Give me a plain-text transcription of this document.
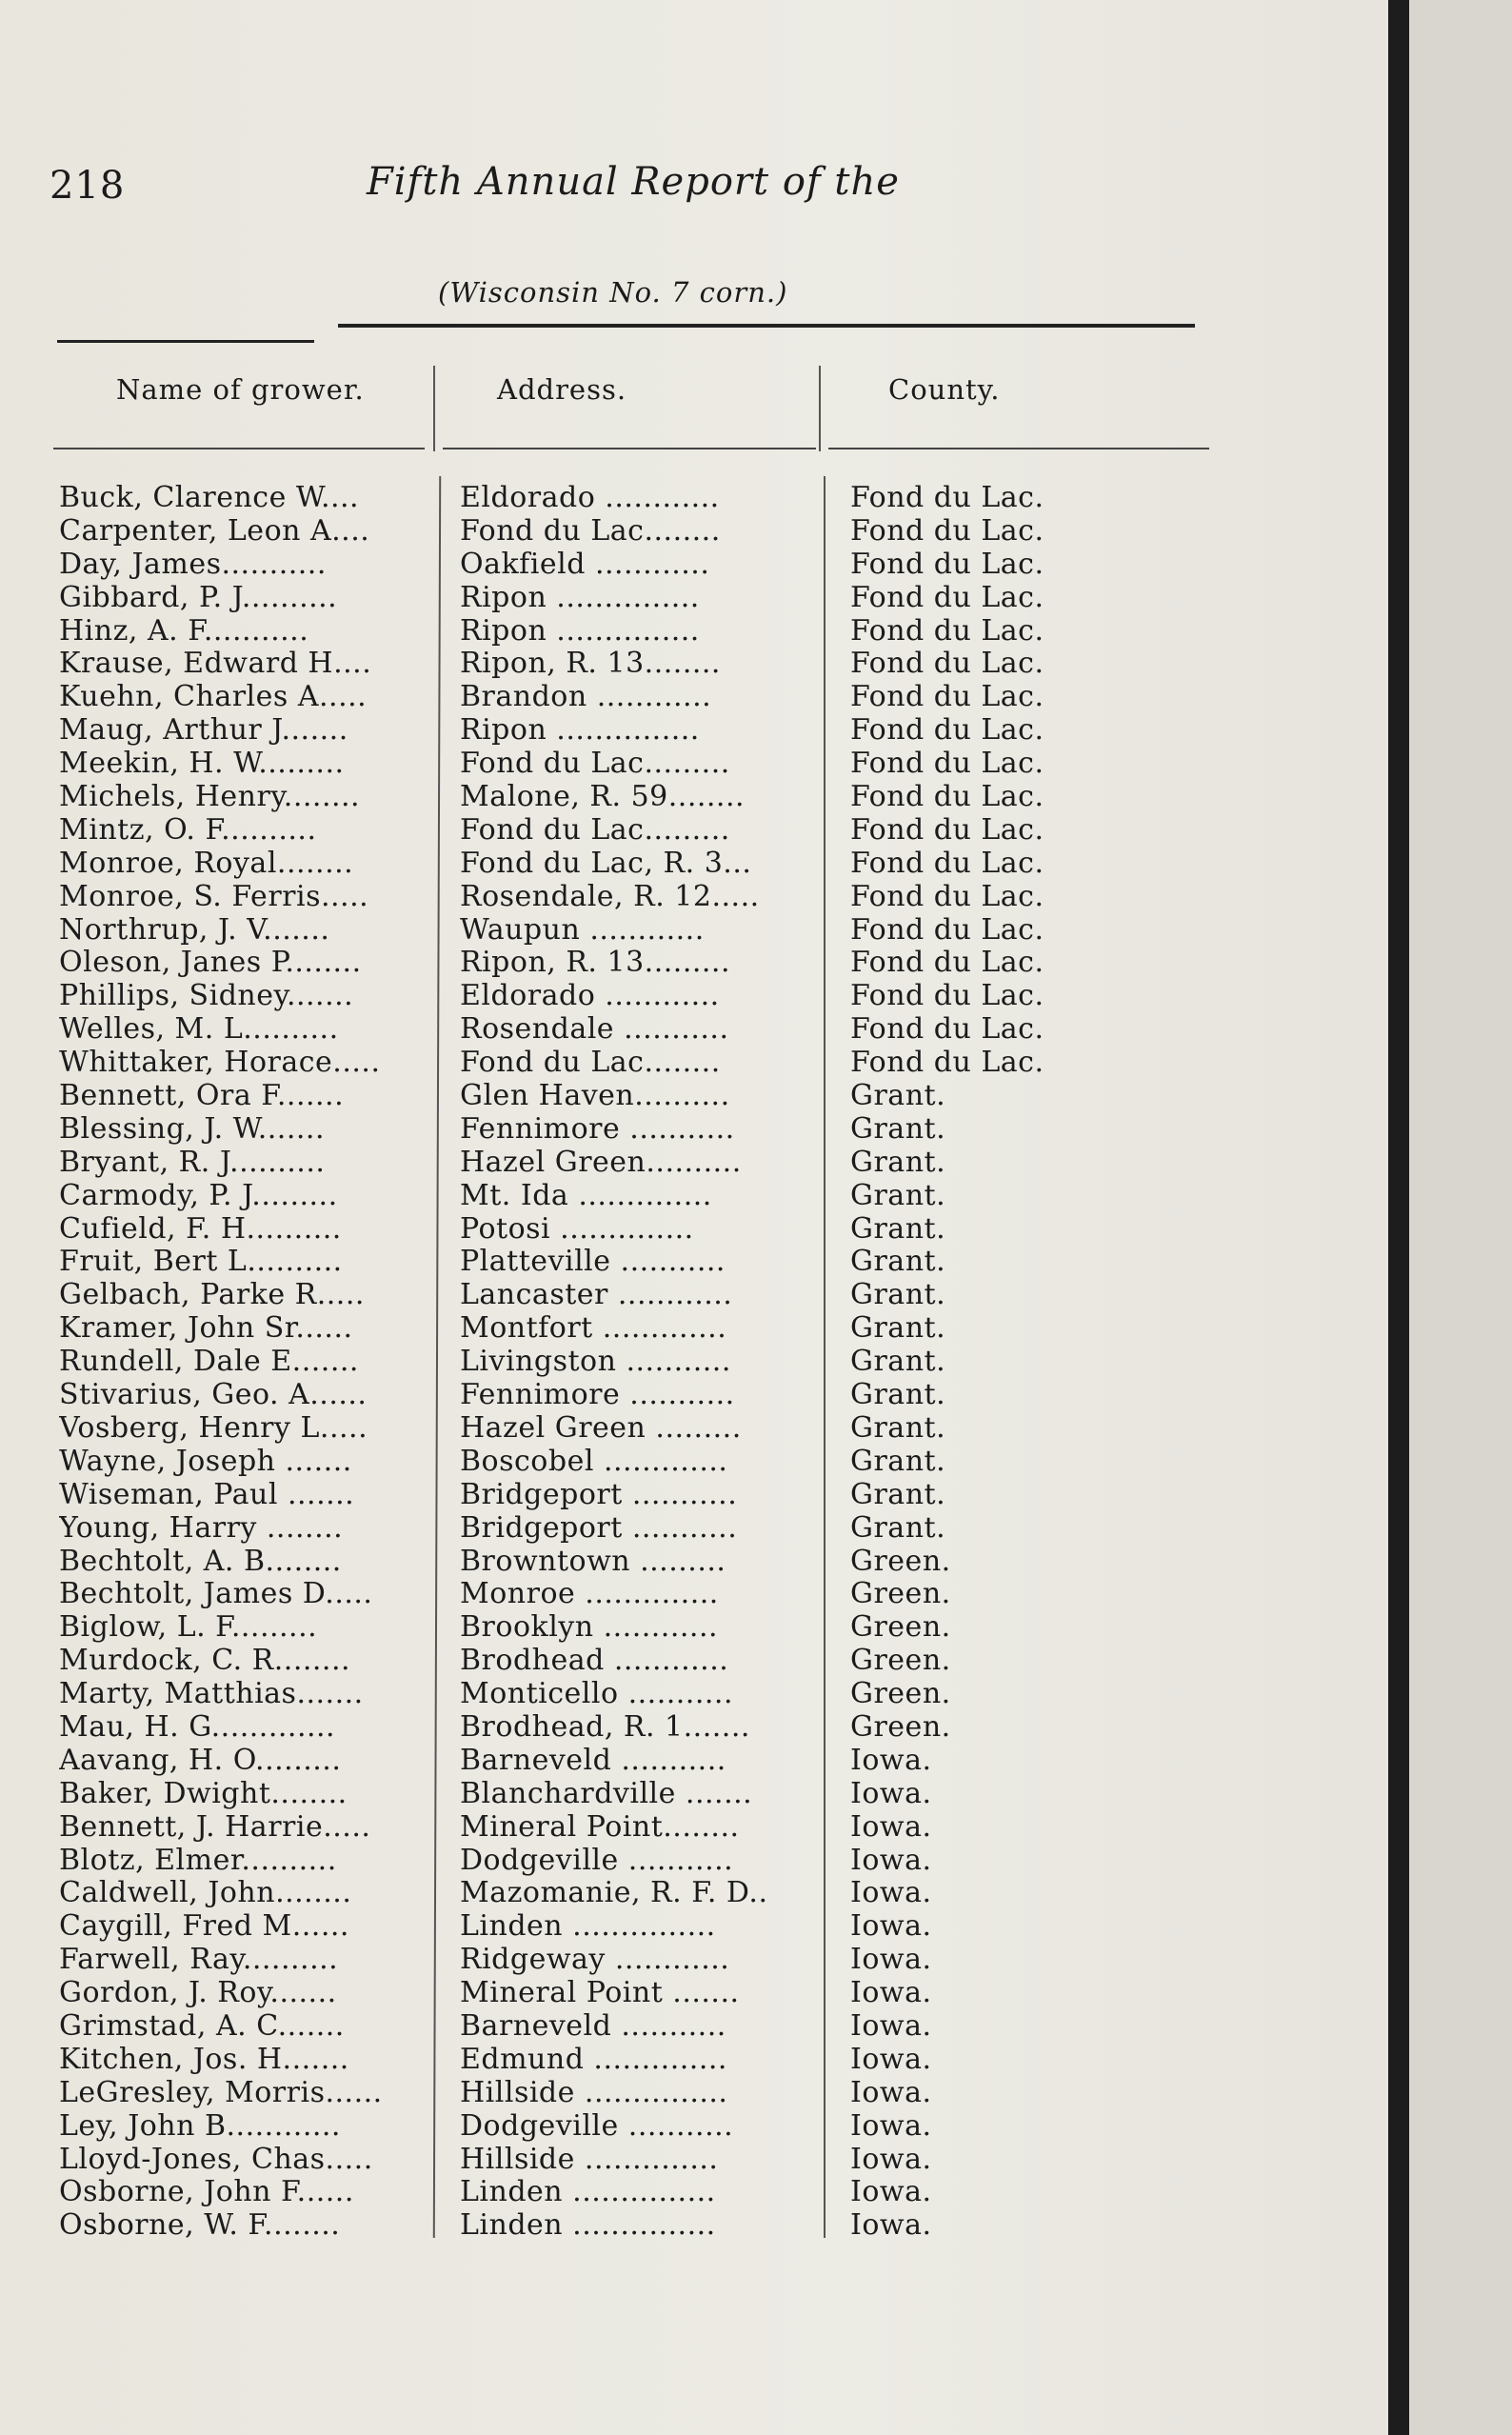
218	Fifth Annual Report of the
(Wisconsin No. 7 corn.)
Name of grower.	Address.	County.
Buck, Clarence W....	Eldorado ............	Fond du Lac.
Carpenter, Leon A....	Fond du Lac........	Fond du Lac.
Day, James...........	Oakfield ............	Fond du Lac.
Gibbard, P. J..........	Ripon ...............	Fond du Lac.
Hinz, A. F...........	Ripon ...............	Fond du Lac.
Krause, Edward H....	Ripon, R. 13........	Fond du Lac.
Kuehn, Charles A.....	Brandon ............	Fond du Lac.
Maug, Arthur J.......	Ripon ...............	Fond du Lac.
Meekin, H. W.........	Fond du Lac.........	Fond du Lac.
Michels, Henry........	Malone, R. 59........	Fond du Lac.
Mintz, O. F..........	Fond du Lac.........	Fond du Lac.
Monroe, Royal........	Fond du Lac, R. 3...	Fond du Lac.
Monroe, S. Ferris.....	Rosendale, R. 12.....	Fond du Lac.
Northrup, J. V.......	Waupun ............	Fond du Lac.
Oleson, Janes P........	Ripon, R. 13.........	Fond du Lac.
Phillips, Sidney.......	Eldorado ............	Fond du Lac.
Welles, M. L..........	Rosendale ...........	Fond du Lac.
Whittaker, Horace.....	Fond du Lac........	Fond du Lac.
Bennett, Ora F.......	Glen Haven..........	Grant.
Blessing, J. W.......	Fennimore ...........	Grant.
Bryant, R. J..........	Hazel Green..........	Grant.
Carmody, P. J.........	Mt. Ida ..............	Grant.
Cufield, F. H..........	Potosi ..............	Grant.
Fruit, Bert L..........	Platteville ...........	Grant.
Gelbach, Parke R.....	Lancaster ............	Grant.
Kramer, John Sr......	Montfort .............	Grant.
Rundell, Dale E.......	Livingston ...........	Grant.
Stivarius, Geo. A......	Fennimore ...........	Grant.
Vosberg, Henry L.....	Hazel Green .........	Grant.
Wayne, Joseph .......	Boscobel .............	Grant.
Wiseman, Paul .......	Bridgeport ...........	Grant.
Young, Harry ........	Bridgeport ...........	Grant.
Bechtolt, A. B........	Browntown .........	Green.
Bechtolt, James D.....	Monroe ..............	Green.
Biglow, L. F.........	Brooklyn ............	Green.
Murdock, C. R........	Brodhead ............	Green.
Marty, Matthias.......	Monticello ...........	Green.
Mau, H. G.............	Brodhead, R. 1.......	Green.
Aavang, H. O.........	Barneveld ...........	Iowa.
Baker, Dwight........	Blanchardville .......	Iowa.
Bennett, J. Harrie.....	Mineral Point........	Iowa.
Blotz, Elmer..........	Dodgeville ...........	Iowa.
Caldwell, John........	Mazomanie, R. F. D..	Iowa.
Caygill, Fred M......	Linden ...............	Iowa.
Farwell, Ray..........	Ridgeway ............	Iowa.
Gordon, J. Roy.......	Mineral Point .......	Iowa.
Grimstad, A. C.......	Barneveld ...........	Iowa.
Kitchen, Jos. H.......	Edmund ..............	Iowa.
LeGresley, Morris......	Hillside ...............	Iowa.
Ley, John B............	Dodgeville ...........	Iowa.
Lloyd-Jones, Chas.....	Hillside ..............	Iowa.
Osborne, John F......	Linden ...............	Iowa.
Osborne, W. F........	Linden ...............	Iowa.
